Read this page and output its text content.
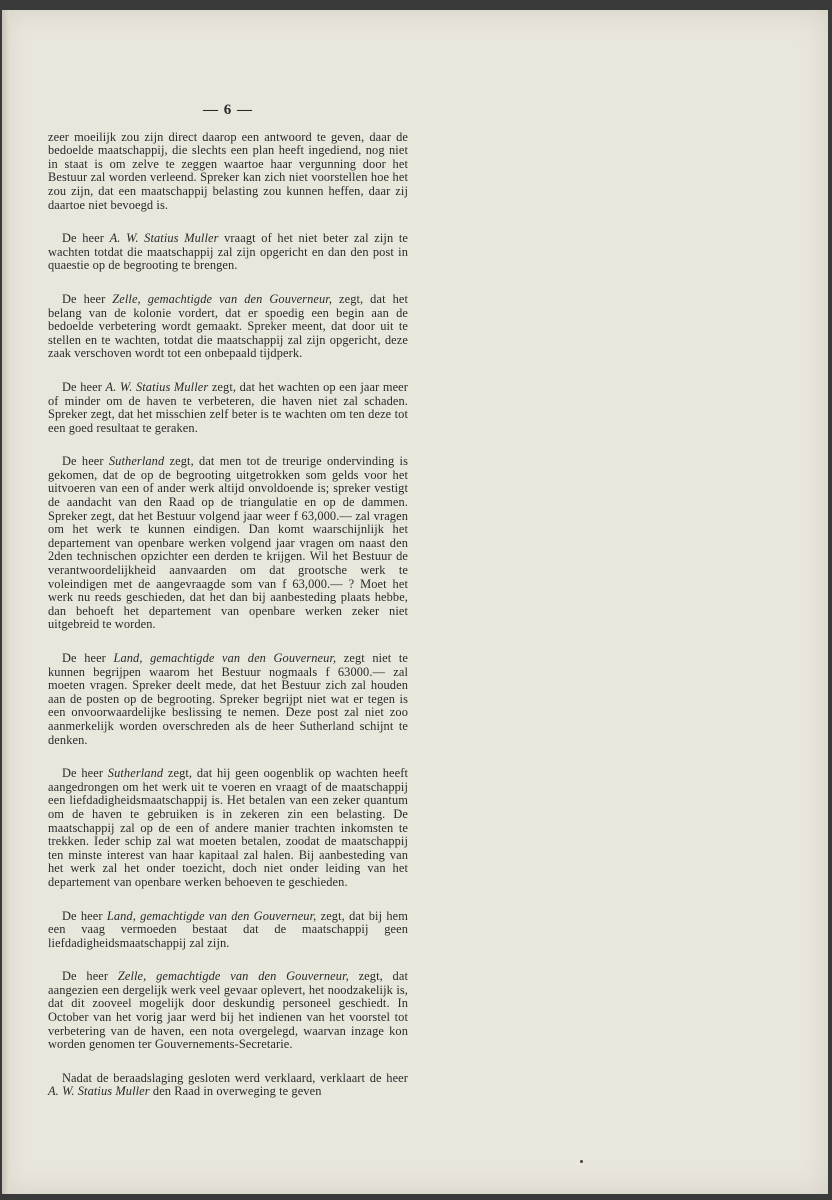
— 6 —

zeer moeilijk zou zijn direct daarop een antwoord te geven, daar de bedoelde maatschappij, die slechts een plan heeft ingediend, nog niet in staat is om zelve te zeggen waartoe haar vergunning door het Bestuur zal worden verleend. Spreker kan zich niet voorstellen hoe het zou zijn, dat een maatschappij belasting zou kunnen heffen, daar zij daartoe niet bevoegd is.

De heer A. W. Statius Muller vraagt of het niet beter zal zijn te wachten totdat die maatschappij zal zijn opgericht en dan den post in quaestie op de begrooting te brengen.

De heer Zelle, gemachtigde van den Gouverneur, zegt, dat het belang van de kolonie vordert, dat er spoedig een begin aan de bedoelde verbetering wordt gemaakt. Spreker meent, dat door uit te stellen en te wachten, totdat die maatschappij zal zijn opgericht, deze zaak verschoven wordt tot een onbepaald tijdperk.

De heer A. W. Statius Muller zegt, dat het wachten op een jaar meer of minder om de haven te verbeteren, die haven niet zal schaden. Spreker zegt, dat het misschien zelf beter is te wachten om ten deze tot een goed resultaat te geraken.

De heer Sutherland zegt, dat men tot de treurige ondervinding is gekomen, dat de op de begrooting uitgetrokken som gelds voor het uitvoeren van een of ander werk altijd onvoldoende is; spreker vestigt de aandacht van den Raad op de triangulatie en op de dammen. Spreker zegt, dat het Bestuur volgend jaar weer f 63,000.— zal vragen om het werk te kunnen eindigen. Dan komt waarschijnlijk het departement van openbare werken volgend jaar vragen om naast den 2den technischen opzichter een derden te krijgen. Wil het Bestuur de verantwoordelijkheid aanvaarden om dat grootsche werk te voleindigen met de aangevraagde som van f 63,000.— ? Moet het werk nu reeds geschieden, dat het dan bij aanbesteding plaats hebbe, dan behoeft het departement van openbare werken zeker niet uitgebreid te worden.

De heer Land, gemachtigde van den Gouverneur, zegt niet te kunnen begrijpen waarom het Bestuur nogmaals f 63000.— zal moeten vragen. Spreker deelt mede, dat het Bestuur zich zal houden aan de posten op de begrooting. Spreker begrijpt niet wat er tegen is een onvoorwaardelijke beslissing te nemen. Deze post zal niet zoo aanmerkelijk worden overschreden als de heer Sutherland schijnt te denken.

De heer Sutherland zegt, dat hij geen oogenblik op wachten heeft aangedrongen om het werk uit te voeren en vraagt of de maatschappij een liefdadigheidsmaatschappij is. Het betalen van een zeker quantum om de haven te gebruiken is in zekeren zin een belasting. De maatschappij zal op de een of andere manier trachten inkomsten te trekken. Ieder schip zal wat moeten betalen, zoodat de maatschappij ten minste interest van haar kapitaal zal halen. Bij aanbesteding van het werk zal het onder toezicht, doch niet onder leiding van het departement van openbare werken behoeven te geschieden.

De heer Land, gemachtigde van den Gouverneur, zegt, dat bij hem een vaag vermoeden bestaat dat de maatschappij geen liefdadigheidsmaatschappij zal zijn.

De heer Zelle, gemachtigde van den Gouverneur, zegt, dat aangezien een dergelijk werk veel gevaar oplevert, het noodzakelijk is, dat dit zooveel mogelijk door deskundig personeel geschiedt. In October van het vorig jaar werd bij het indienen van het voorstel tot verbetering van de haven, een nota overgelegd, waarvan inzage kon worden genomen ter Gouvernements-Secretarie.

Nadat de beraadslaging gesloten werd verklaard, verklaart de heer A. W. Statius Muller den Raad in overweging te geven
